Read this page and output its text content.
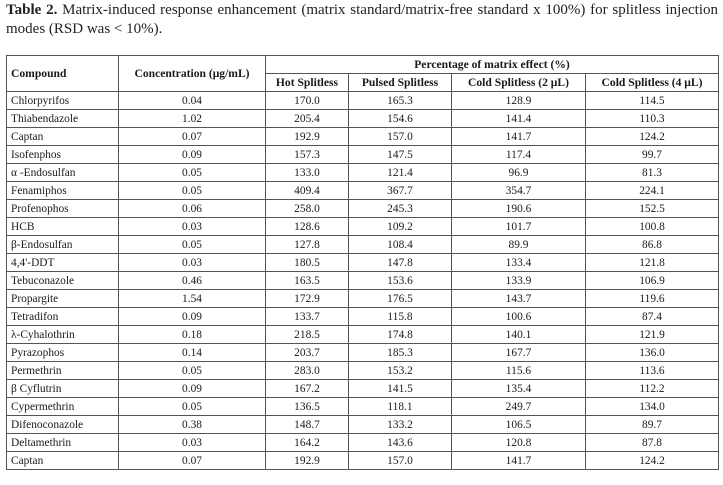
Table 2. Matrix-induced response enhancement (matrix standard/matrix-free standard x 100%) for splitless injection modes (RSD was < 10%).
Compound	Concentration (μg/mL)	Percentage of matrix effect (%)			
		Hot Splitless	Pulsed Splitless	Cold Splitless (2 μL)	Cold Splitless (4 μL)
Chlorpyrifos	0.04	170.0	165.3	128.9	114.5
Thiabendazole	1.02	205.4	154.6	141.4	110.3
Captan	0.07	192.9	157.0	141.7	124.2
Isofenphos	0.09	157.3	147.5	117.4	99.7
α -Endosulfan	0.05	133.0	121.4	96.9	81.3
Fenamiphos	0.05	409.4	367.7	354.7	224.1
Profenophos	0.06	258.0	245.3	190.6	152.5
HCB	0.03	128.6	109.2	101.7	100.8
β-Endosulfan	0.05	127.8	108.4	89.9	86.8
4,4'-DDT	0.03	180.5	147.8	133.4	121.8
Tebuconazole	0.46	163.5	153.6	133.9	106.9
Propargite	1.54	172.9	176.5	143.7	119.6
Tetradifon	0.09	133.7	115.8	100.6	87.4
λ-Cyhalothrin	0.18	218.5	174.8	140.1	121.9
Pyrazophos	0.14	203.7	185.3	167.7	136.0
Permethrin	0.05	283.0	153.2	115.6	113.6
β Cyflutrin	0.09	167.2	141.5	135.4	112.2
Cypermethrin	0.05	136.5	118.1	249.7	134.0
Difenoconazole	0.38	148.7	133.2	106.5	89.7
Deltamethrin	0.03	164.2	143.6	120.8	87.8
Captan	0.07	192.9	157.0	141.7	124.2
